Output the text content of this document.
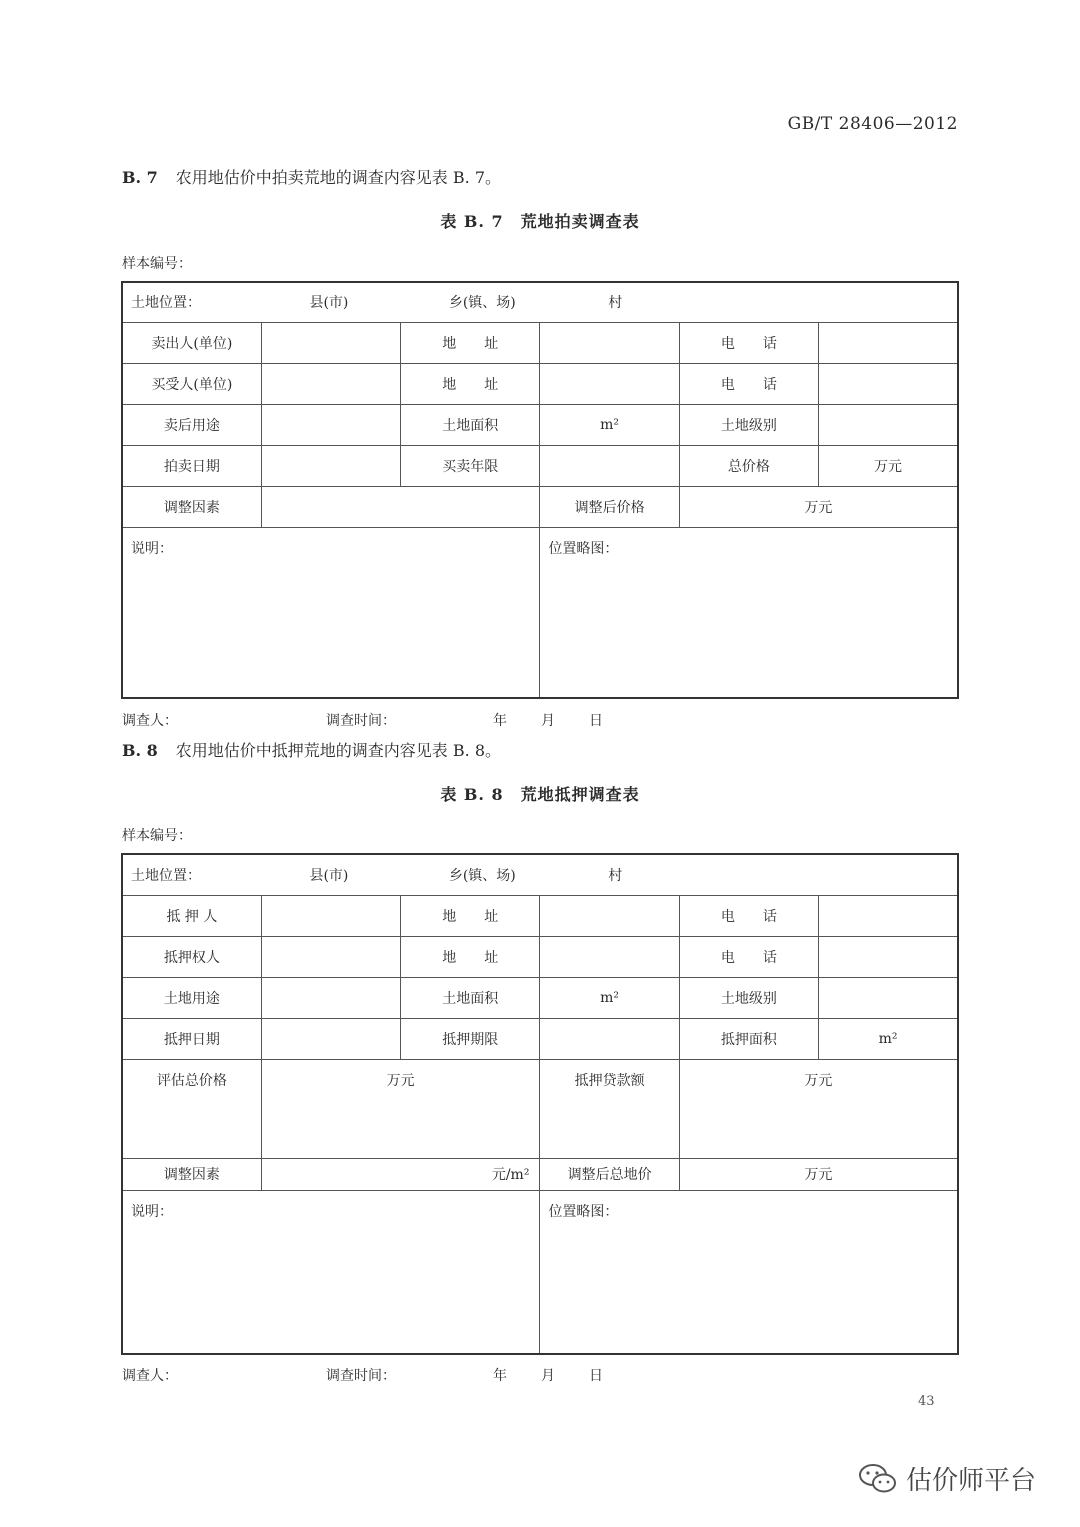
GB/T 28406—2012
B. 7 农用地估价中拍卖荒地的调查内容见表 B. 7。
表 B. 7　荒地拍卖调查表
样本编号：
土地位置： 县(市) 乡(镇、场) 村					
卖出人(单位)		地　　址		电　　话	
买受人(单位)		地　　址		电　　话	
卖后用途		土地面积	m²	土地级别	
拍卖日期		买卖年限		总价格	万元
调整因素			调整后价格	万元	
说明：			位置略图：		
调查人：	调查时间：	年 月 日
B. 8 农用地估价中抵押荒地的调查内容见表 B. 8。
表 B. 8　荒地抵押调查表
样本编号：
土地位置： 县(市) 乡(镇、场) 村					
抵 押 人		地　　址		电　　话	
抵押权人		地　　址		电　　话	
土地用途		土地面积	m²	土地级别	
抵押日期		抵押期限		抵押面积	m²
评估总价格	万元		抵押贷款额	万元	
调整因素	元/m²		调整后总地价	万元	
说明：			位置略图：		
调查人：	调查时间：	年 月 日
43
估价师平台
